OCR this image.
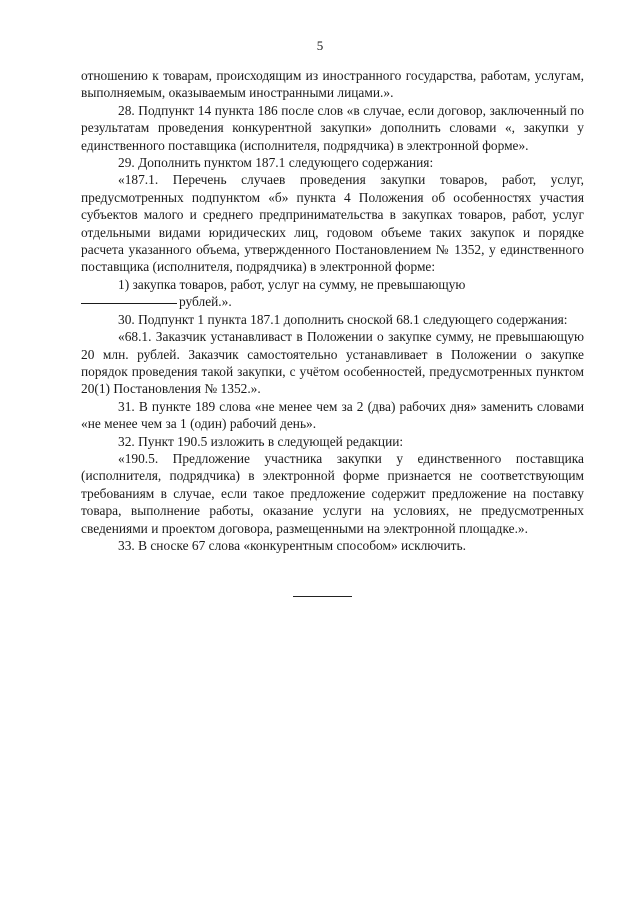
5

отношению к товарам, происходящим из иностранного государства, работам, услугам, выполняемым, оказываемым иностранными лицами.».

28. Подпункт 14 пункта 186 после слов «в случае, если договор, заключенный по результатам проведения конкурентной закупки» дополнить словами «, закупки у единственного поставщика (исполнителя, подрядчика) в электронной форме».

29. Дополнить пунктом 187.1 следующего содержания:

«187.1. Перечень случаев проведения закупки товаров, работ, услуг, предусмотренных подпунктом «б» пункта 4 Положения об особенностях участия субъектов малого и среднего предпринимательства в закупках товаров, работ, услуг отдельными видами юридических лиц, годовом объеме таких закупок и порядке расчета указанного объема, утвержденного Постановлением № 1352, у единственного поставщика (исполнителя, подрядчика) в электронной форме:

1) закупка товаров, работ, услуг на сумму, не превышающую

рублей.».

30. Подпункт 1 пункта 187.1 дополнить сноской 68.1 следующего содержания:

«68.1. Заказчик устанавливаст в Положении о закупке сумму, не превышающую 20 млн. рублей. Заказчик самостоятельно устанавливает в Положении о закупке порядок проведения такой закупки, с учётом особенностей, предусмотренных пунктом 20(1) Постановления № 1352.».

31. В пункте 189 слова «не менее чем за 2 (два) рабочих дня» заменить словами «не менее чем за 1 (один) рабочий день».

32. Пункт 190.5 изложить в следующей редакции:

«190.5. Предложение участника закупки у единственного поставщика (исполнителя, подрядчика) в электронной форме признается не соответствующим требованиям в случае, если такое предложение содержит предложение на поставку товара, выполнение работы, оказание услуги на условиях, не предусмотренных сведениями и проектом договора, размещенными на электронной площадке.».

33. В сноске 67 слова «конкурентным способом» исключить.
